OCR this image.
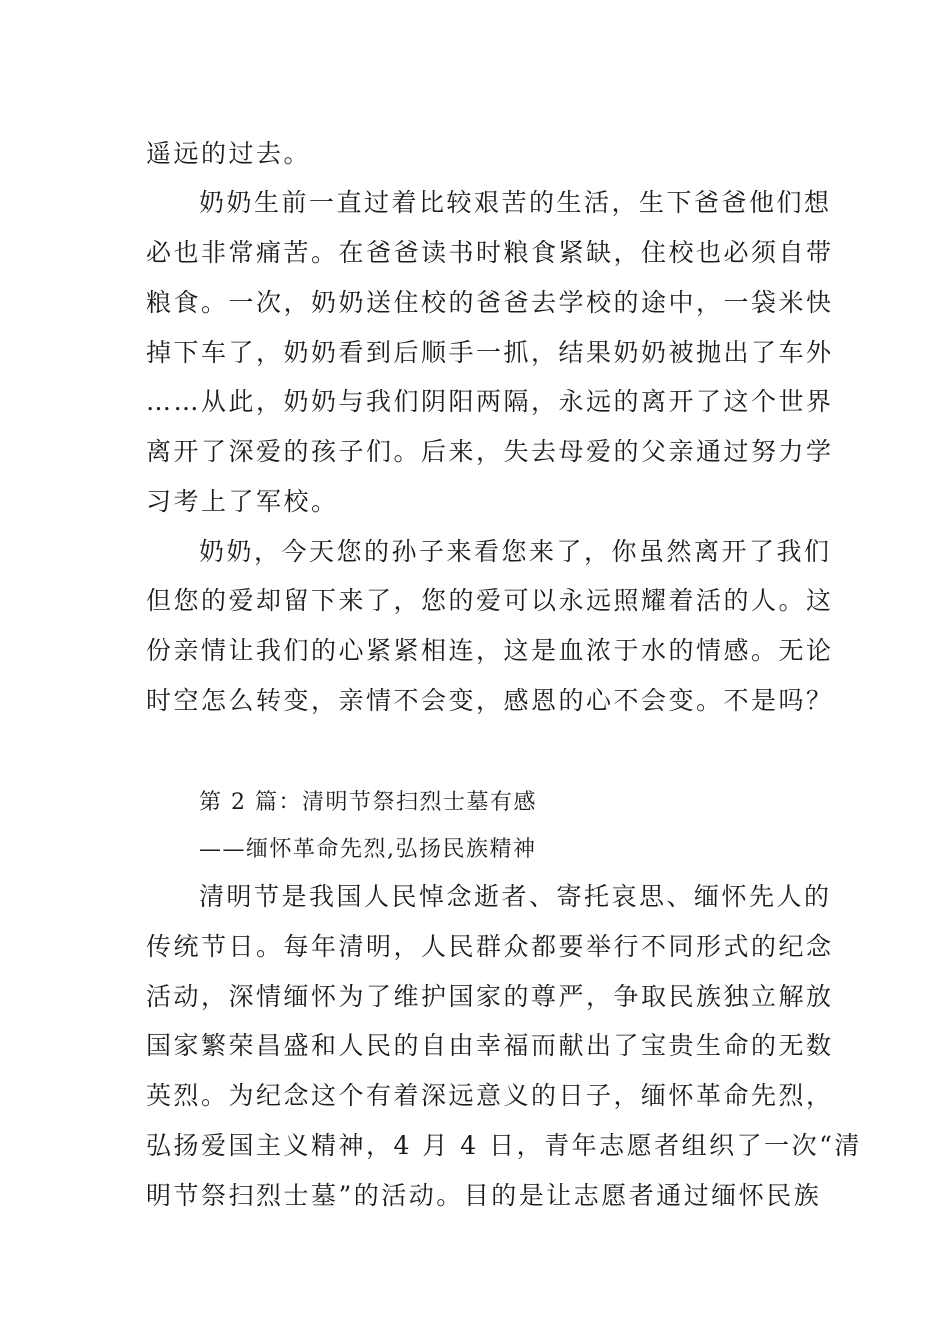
遥远的过去。
奶奶生前一直过着比较艰苦的生活，生下爸爸他们想
必也非常痛苦。在爸爸读书时粮食紧缺，住校也必须自带
粮食。一次，奶奶送住校的爸爸去学校的途中，一袋米快
掉下车了，奶奶看到后顺手一抓，结果奶奶被抛出了车外
……从此，奶奶与我们阴阳两隔，永远的离开了这个世界
离开了深爱的孩子们。后来，失去母爱的父亲通过努力学
习考上了军校。
奶奶，今天您的孙子来看您来了，你虽然离开了我们
但您的爱却留下来了，您的爱可以永远照耀着活的人。这
份亲情让我们的心紧紧相连，这是血浓于水的情感。无论
时空怎么转变，亲情不会变，感恩的心不会变。不是吗？
第 2 篇：清明节祭扫烈士墓有感
——缅怀革命先烈,弘扬民族精神
清明节是我国人民悼念逝者、寄托哀思、缅怀先人的
传统节日。每年清明，人民群众都要举行不同形式的纪念
活动，深情缅怀为了维护国家的尊严，争取民族独立解放
国家繁荣昌盛和人民的自由幸福而献出了宝贵生命的无数
英烈。为纪念这个有着深远意义的日子，缅怀革命先烈，
弘扬爱国主义精神，4 月 4 日，青年志愿者组织了一次“清
明节祭扫烈士墓”的活动。目的是让志愿者通过缅怀民族
